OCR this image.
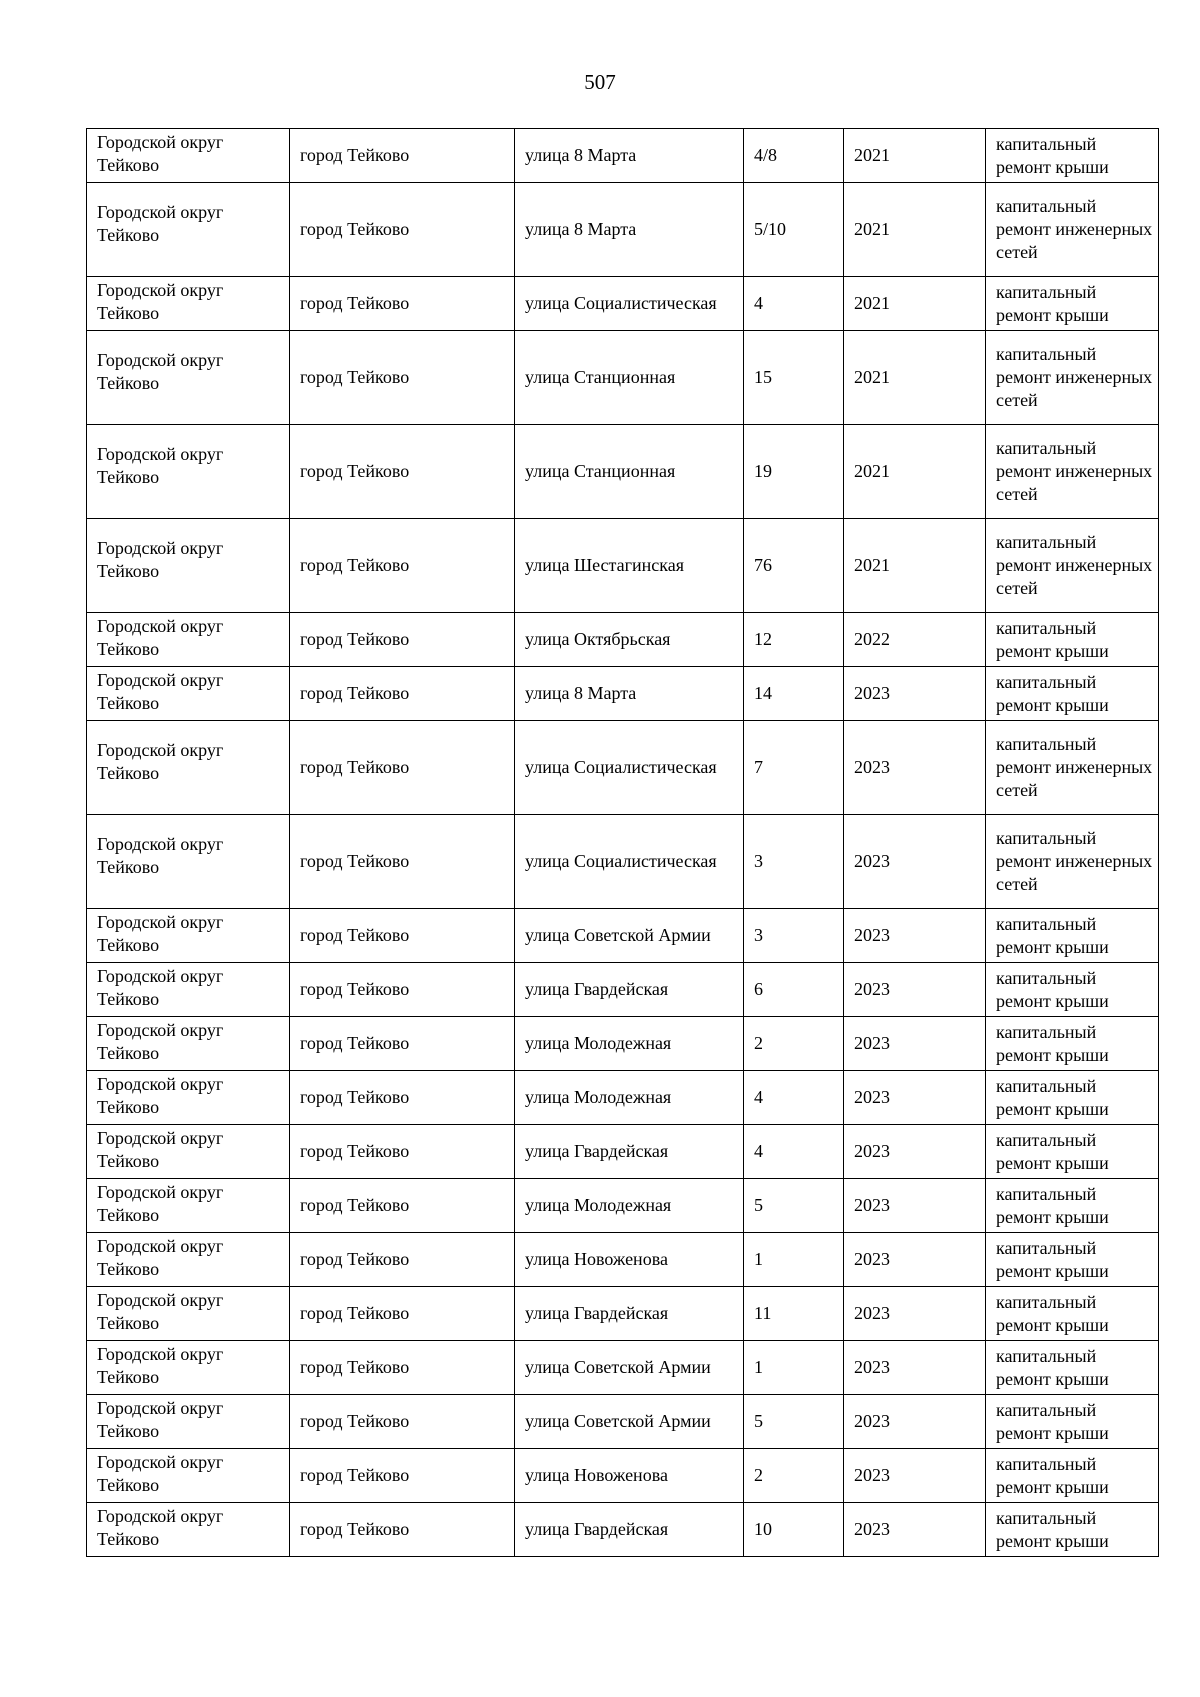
507
Городской округ Тейково	город Тейково	улица 8 Марта	4/8	2021	капитальный ремонт крыши
Городской округ Тейково	город Тейково	улица 8 Марта	5/10	2021	капитальный ремонт инженерных сетей
Городской округ Тейково	город Тейково	улица Социалистическая	4	2021	капитальный ремонт крыши
Городской округ Тейково	город Тейково	улица Станционная	15	2021	капитальный ремонт инженерных сетей
Городской округ Тейково	город Тейково	улица Станционная	19	2021	капитальный ремонт инженерных сетей
Городской округ Тейково	город Тейково	улица Шестагинская	76	2021	капитальный ремонт инженерных сетей
Городской округ Тейково	город Тейково	улица Октябрьская	12	2022	капитальный ремонт крыши
Городской округ Тейково	город Тейково	улица 8 Марта	14	2023	капитальный ремонт крыши
Городской округ Тейково	город Тейково	улица Социалистическая	7	2023	капитальный ремонт инженерных сетей
Городской округ Тейково	город Тейково	улица Социалистическая	3	2023	капитальный ремонт инженерных сетей
Городской округ Тейково	город Тейково	улица Советской Армии	3	2023	капитальный ремонт крыши
Городской округ Тейково	город Тейково	улица Гвардейская	6	2023	капитальный ремонт крыши
Городской округ Тейково	город Тейково	улица Молодежная	2	2023	капитальный ремонт крыши
Городской округ Тейково	город Тейково	улица Молодежная	4	2023	капитальный ремонт крыши
Городской округ Тейково	город Тейково	улица Гвардейская	4	2023	капитальный ремонт крыши
Городской округ Тейково	город Тейково	улица Молодежная	5	2023	капитальный ремонт крыши
Городской округ Тейково	город Тейково	улица Новоженова	1	2023	капитальный ремонт крыши
Городской округ Тейково	город Тейково	улица Гвардейская	11	2023	капитальный ремонт крыши
Городской округ Тейково	город Тейково	улица Советской Армии	1	2023	капитальный ремонт крыши
Городской округ Тейково	город Тейково	улица Советской Армии	5	2023	капитальный ремонт крыши
Городской округ Тейково	город Тейково	улица Новоженова	2	2023	капитальный ремонт крыши
Городской округ Тейково	город Тейково	улица Гвардейская	10	2023	капитальный ремонт крыши
